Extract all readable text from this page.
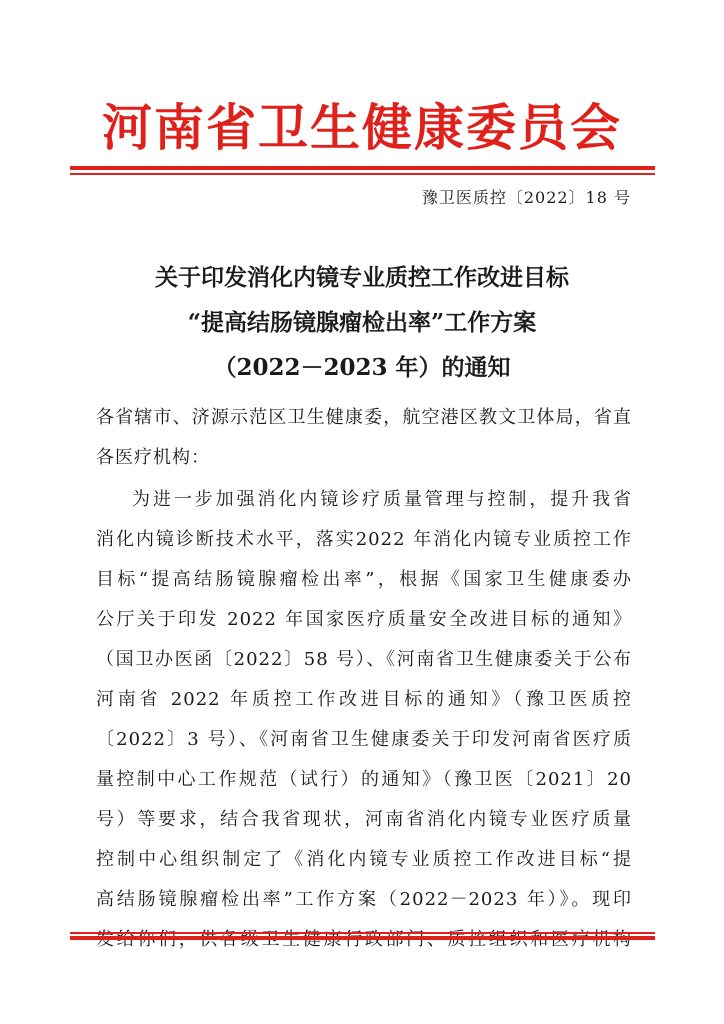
河南省卫生健康委员会
豫卫医质控〔2022〕18 号
关于印发消化内镜专业质控工作改进目标
“提高结肠镜腺瘤检出率”工作方案
（2022－2023 年）的通知
各省辖市、济源示范区卫生健康委，航空港区教文卫体局，省直
各医疗机构：
为进一步加强消化内镜诊疗质量管理与控制，提升我省
消化内镜诊断技术水平，落实2022 年消化内镜专业质控工作
目标“提高结肠镜腺瘤检出率”，根据《国家卫生健康委办
公厅关于印发 2022 年国家医疗质量安全改进目标的通知》
（国卫办医函〔2022〕58 号）、《河南省卫生健康委关于公布
河南省 2022 年质控工作改进目标的通知》（豫卫医质控
〔2022〕3 号）、《河南省卫生健康委关于印发河南省医疗质
量控制中心工作规范（试行）的通知》（豫卫医〔2021〕20
号）等要求，结合我省现状，河南省消化内镜专业医疗质量
控制中心组织制定了《消化内镜专业质控工作改进目标“提
高结肠镜腺瘤检出率”工作方案（2022－2023 年）》。现印
